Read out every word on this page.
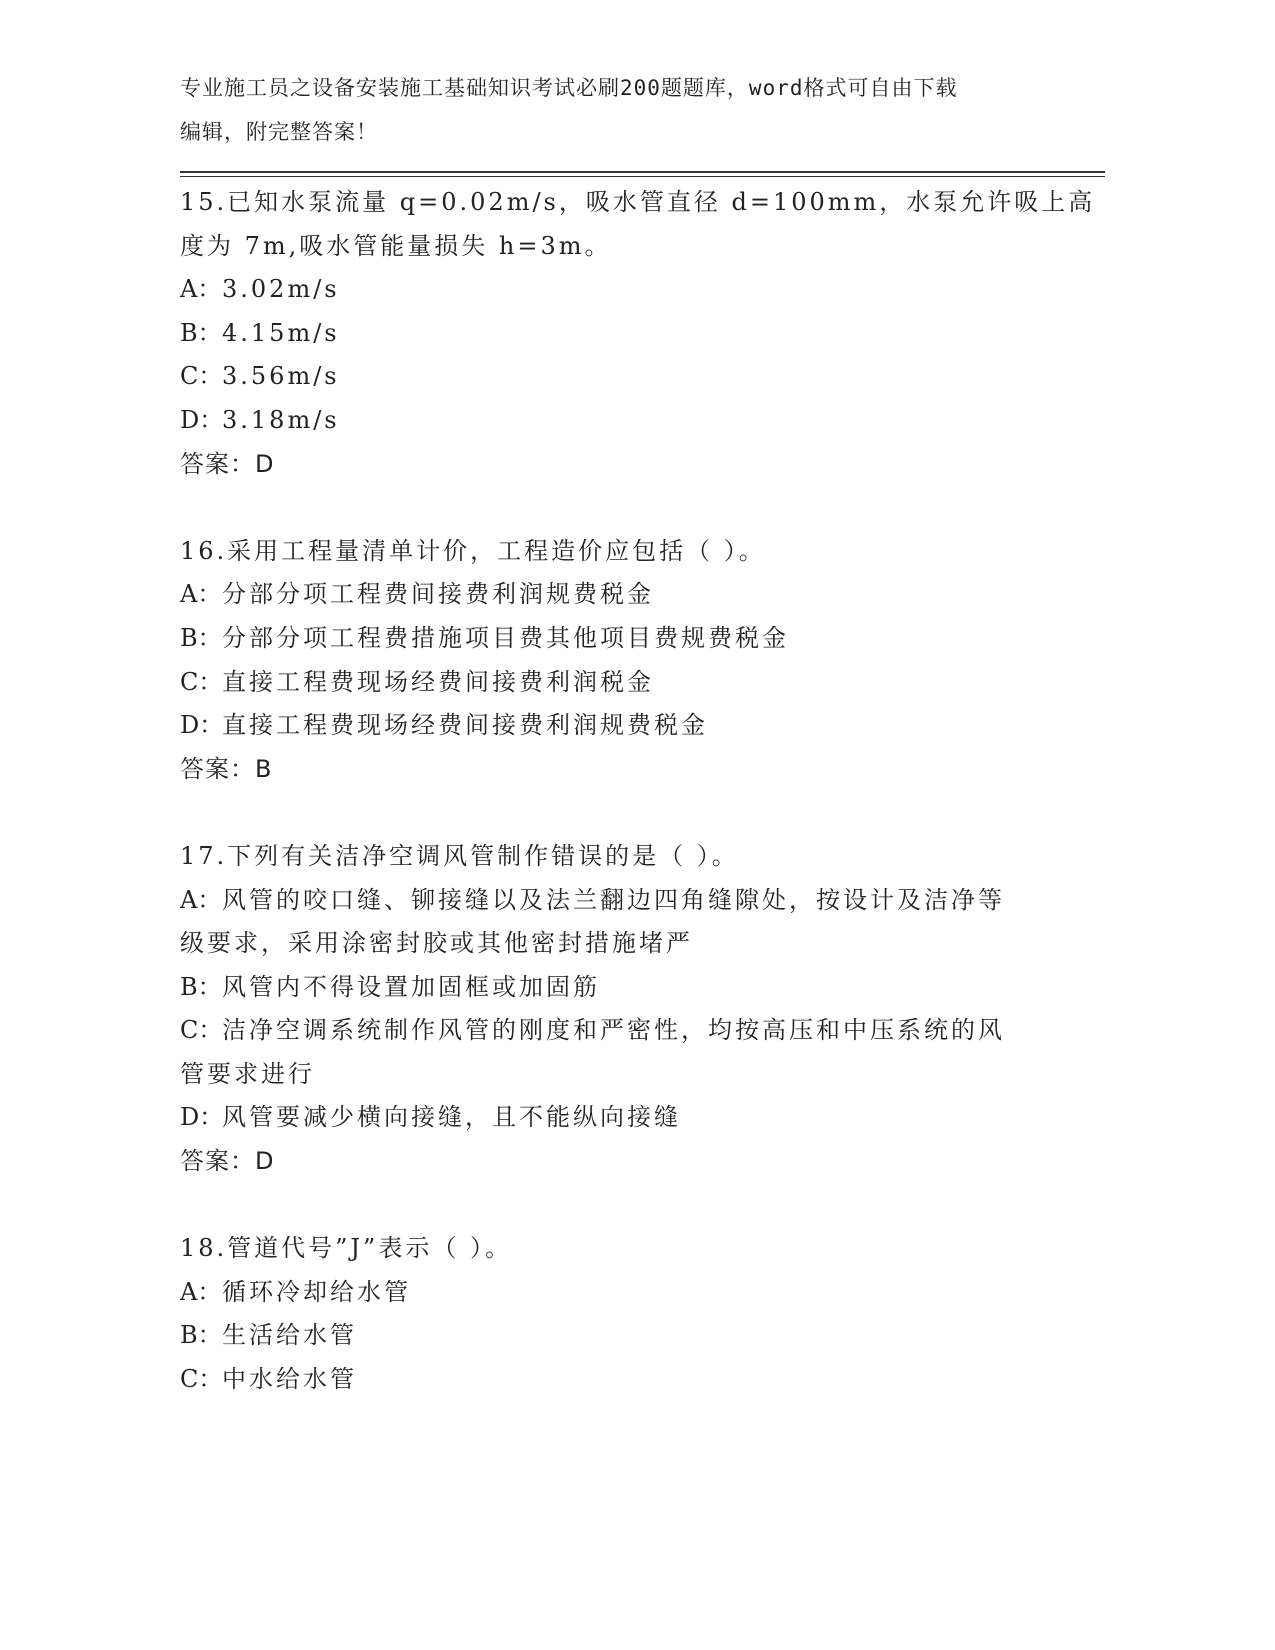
专业施工员之设备安装施工基础知识考试必刷200题题库，word格式可自由下载
编辑，附完整答案！
15.已知水泵流量 q=0.02m/s，吸水管直径 d=100mm，水泵允许吸上高
度为 7m,吸水管能量损失 h=3m。
A：3.02m/s
B：4.15m/s
C：3.56m/s
D：3.18m/s
答案：D
16.采用工程量清单计价，工程造价应包括（ ）。
A：分部分项工程费间接费利润规费税金
B：分部分项工程费措施项目费其他项目费规费税金
C：直接工程费现场经费间接费利润税金
D：直接工程费现场经费间接费利润规费税金
答案：B
17.下列有关洁净空调风管制作错误的是（ ）。
A：风管的咬口缝、铆接缝以及法兰翻边四角缝隙处，按设计及洁净等
级要求，采用涂密封胶或其他密封措施堵严
B：风管内不得设置加固框或加固筋
C：洁净空调系统制作风管的刚度和严密性，均按高压和中压系统的风
管要求进行
D：风管要减少横向接缝，且不能纵向接缝
答案：D
18.管道代号”J”表示（ ）。
A：循环冷却给水管
B：生活给水管
C：中水给水管
